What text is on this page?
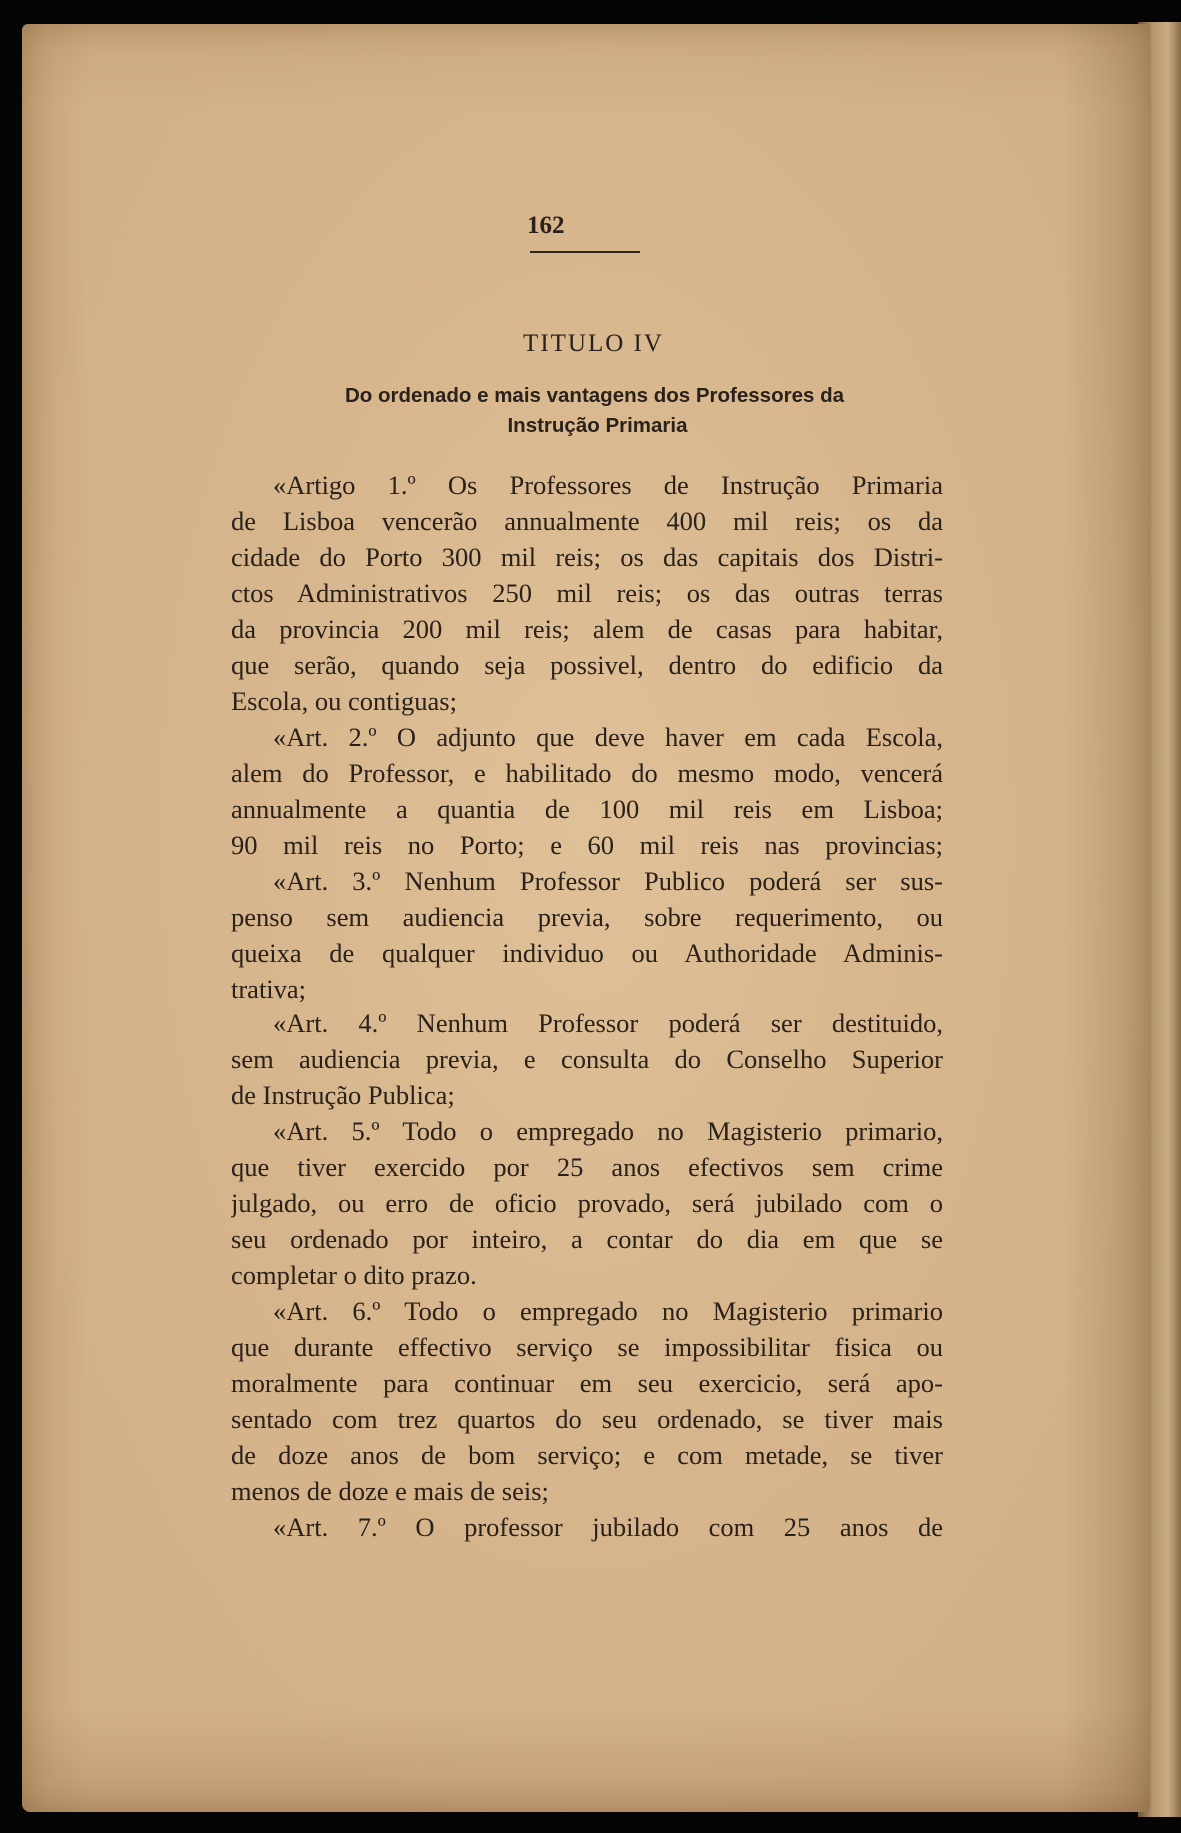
162
TITULO IV
Do ordenado e mais vantagens dos Professores da
Instrução Primaria
«Artigo 1.º Os Professores de Instrução Primaria
de Lisboa vencerão annualmente 400 mil reis; os da
cidade do Porto 300 mil reis; os das capitais dos Distri-
ctos Administrativos 250 mil reis; os das outras terras
da provincia 200 mil reis; alem de casas para habitar,
que serão, quando seja possivel, dentro do edificio da
Escola, ou contiguas;
«Art. 2.º O adjunto que deve haver em cada Escola,
alem do Professor, e habilitado do mesmo modo, vencerá
annualmente a quantia de 100 mil reis em Lisboa;
90 mil reis no Porto; e 60 mil reis nas provincias;
«Art. 3.º Nenhum Professor Publico poderá ser sus-
penso sem audiencia previa, sobre requerimento, ou
queixa de qualquer individuo ou Authoridade Adminis-
trativa;
«Art. 4.º Nenhum Professor poderá ser destituido,
sem audiencia previa, e consulta do Conselho Superior
de Instrução Publica;
«Art. 5.º Todo o empregado no Magisterio primario,
que tiver exercido por 25 anos efectivos sem crime
julgado, ou erro de oficio provado, será jubilado com o
seu ordenado por inteiro, a contar do dia em que se
completar o dito prazo.
«Art. 6.º Todo o empregado no Magisterio primario
que durante effectivo serviço se impossibilitar fisica ou
moralmente para continuar em seu exercicio, será apo-
sentado com trez quartos do seu ordenado, se tiver mais
de doze anos de bom serviço; e com metade, se tiver
menos de doze e mais de seis;
«Art. 7.º O professor jubilado com 25 anos de
